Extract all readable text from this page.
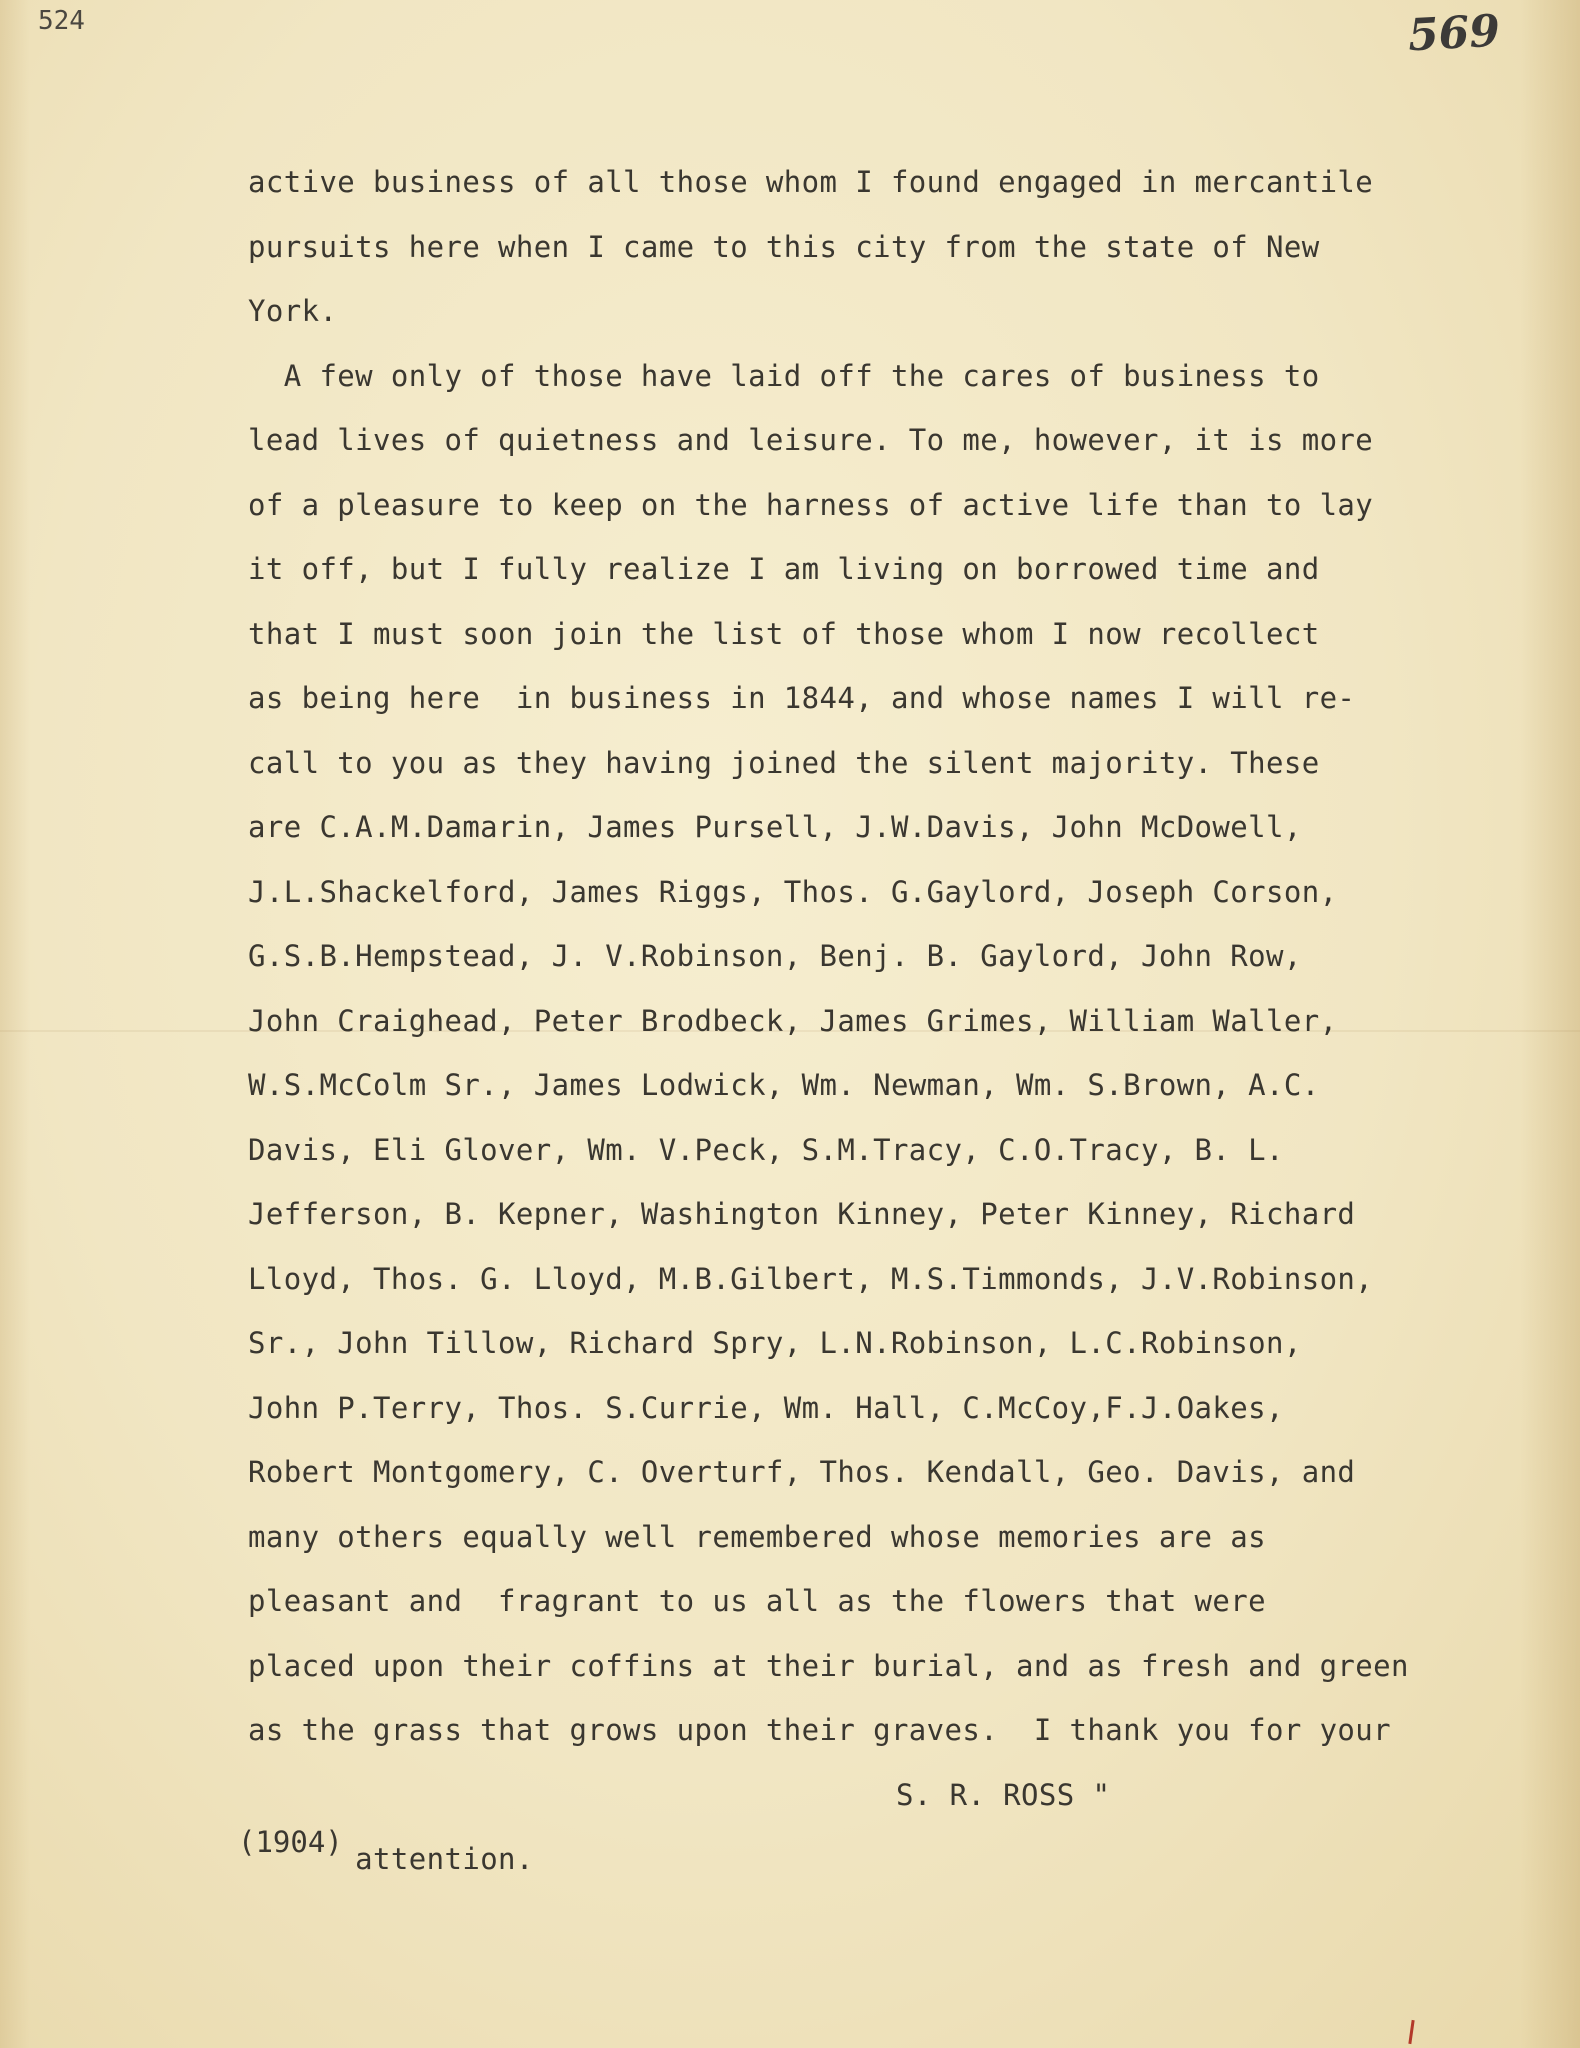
524	569
active business of all those whom I found engaged in mercantile
pursuits here when I came to this city from the state of New
York.
A few only of those have laid off the cares of business to
lead lives of quietness and leisure. To me, however, it is more
of a pleasure to keep on the harness of active life than to lay
it off, but I fully realize I am living on borrowed time and
that I must soon join the list of those whom I now recollect
as being here  in business in 1844, and whose names I will re-
call to you as they having joined the silent majority. These
are C.A.M.Damarin, James Pursell, J.W.Davis, John McDowell,
J.L.Shackelford, James Riggs, Thos. G.Gaylord, Joseph Corson,
G.S.B.Hempstead, J. V.Robinson, Benj. B. Gaylord, John Row,
John Craighead, Peter Brodbeck, James Grimes, William Waller,
W.S.McColm Sr., James Lodwick, Wm. Newman, Wm. S.Brown, A.C.
Davis, Eli Glover, Wm. V.Peck, S.M.Tracy, C.O.Tracy, B. L.
Jefferson, B. Kepner, Washington Kinney, Peter Kinney, Richard
Lloyd, Thos. G. Lloyd, M.B.Gilbert, M.S.Timmonds, J.V.Robinson,
Sr., John Tillow, Richard Spry, L.N.Robinson, L.C.Robinson,
John P.Terry, Thos. S.Currie, Wm. Hall, C.McCoy,F.J.Oakes,
Robert Montgomery, C. Overturf, Thos. Kendall, Geo. Davis, and
many others equally well remembered whose memories are as
pleasant and  fragrant to us all as the flowers that were
placed upon their coffins at their burial, and as fresh and green
as the grass that grows upon their graves.  I thank you for your

attention.

S. R. ROSS "

(1904)
